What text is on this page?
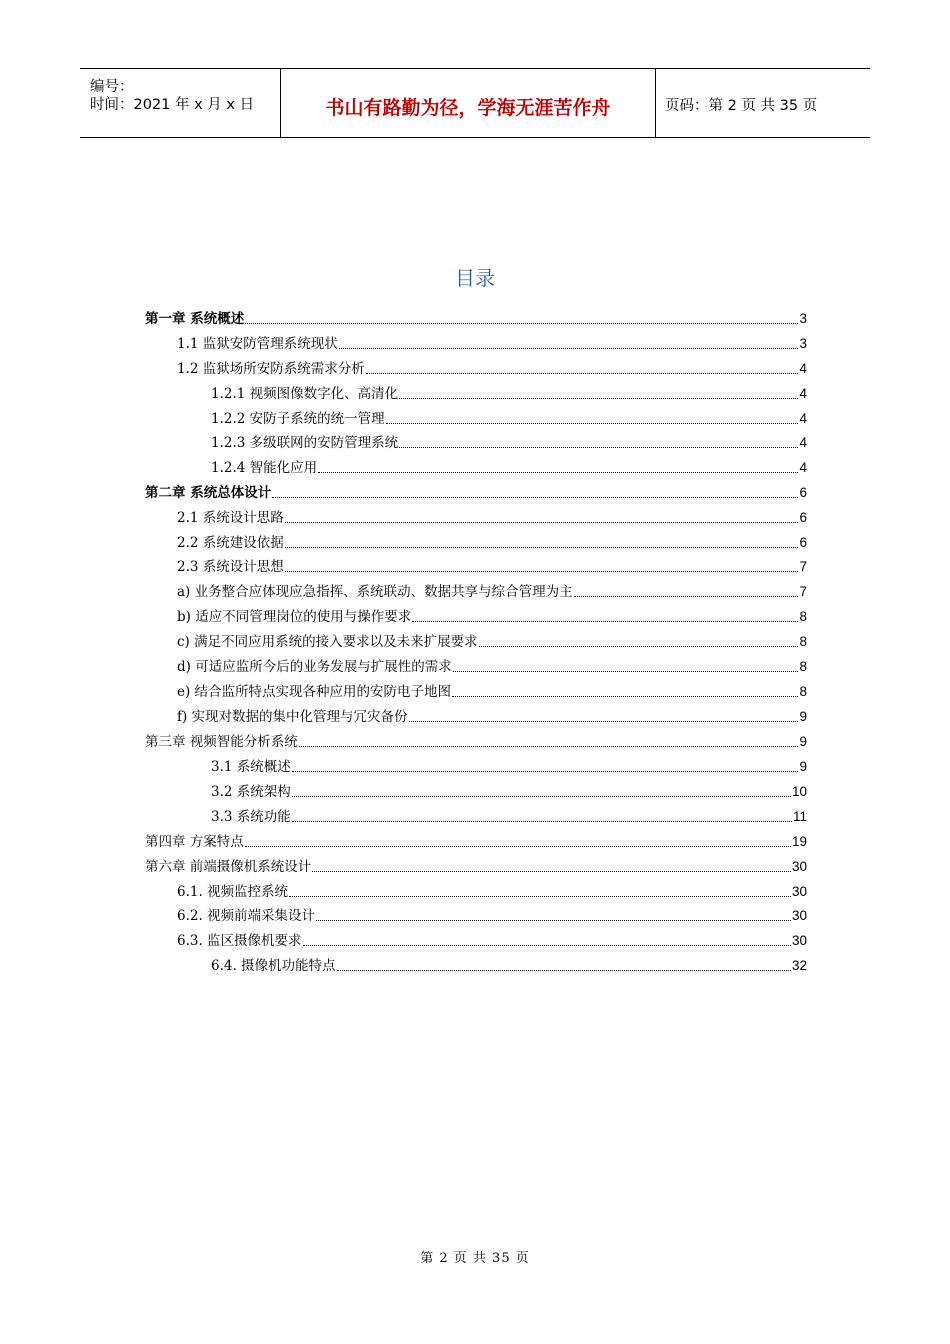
编号：
时间：2021 年 x 月 x 日	书山有路勤为径，学海无涯苦作舟	页码：第 2 页 共 35 页
目录
第一章 系统概述	3
1.1 监狱安防管理系统现状	3
1.2 监狱场所安防系统需求分析	4
1.2.1 视频图像数字化、高清化	4
1.2.2 安防子系统的统一管理	4
1.2.3 多级联网的安防管理系统	4
1.2.4 智能化应用	4
第二章 系统总体设计	6
2.1 系统设计思路	6
2.2 系统建设依据	6
2.3 系统设计思想	7
a) 业务整合应体现应急指挥、系统联动、数据共享与综合管理为主	7
b) 适应不同管理岗位的使用与操作要求	8
c) 满足不同应用系统的接入要求以及未来扩展要求	8
d) 可适应监所今后的业务发展与扩展性的需求	8
e) 结合监所特点实现各种应用的安防电子地图	8
f) 实现对数据的集中化管理与冗灾备份	9
第三章 视频智能分析系统	9
3.1 系统概述	9
3.2 系统架构	10
3.3 系统功能	11
第四章 方案特点	19
第六章 前端摄像机系统设计	30
6.1. 视频监控系统	30
6.2. 视频前端采集设计	30
6.3. 监区摄像机要求	30
6.4. 摄像机功能特点	32
第 2 页 共 35 页
